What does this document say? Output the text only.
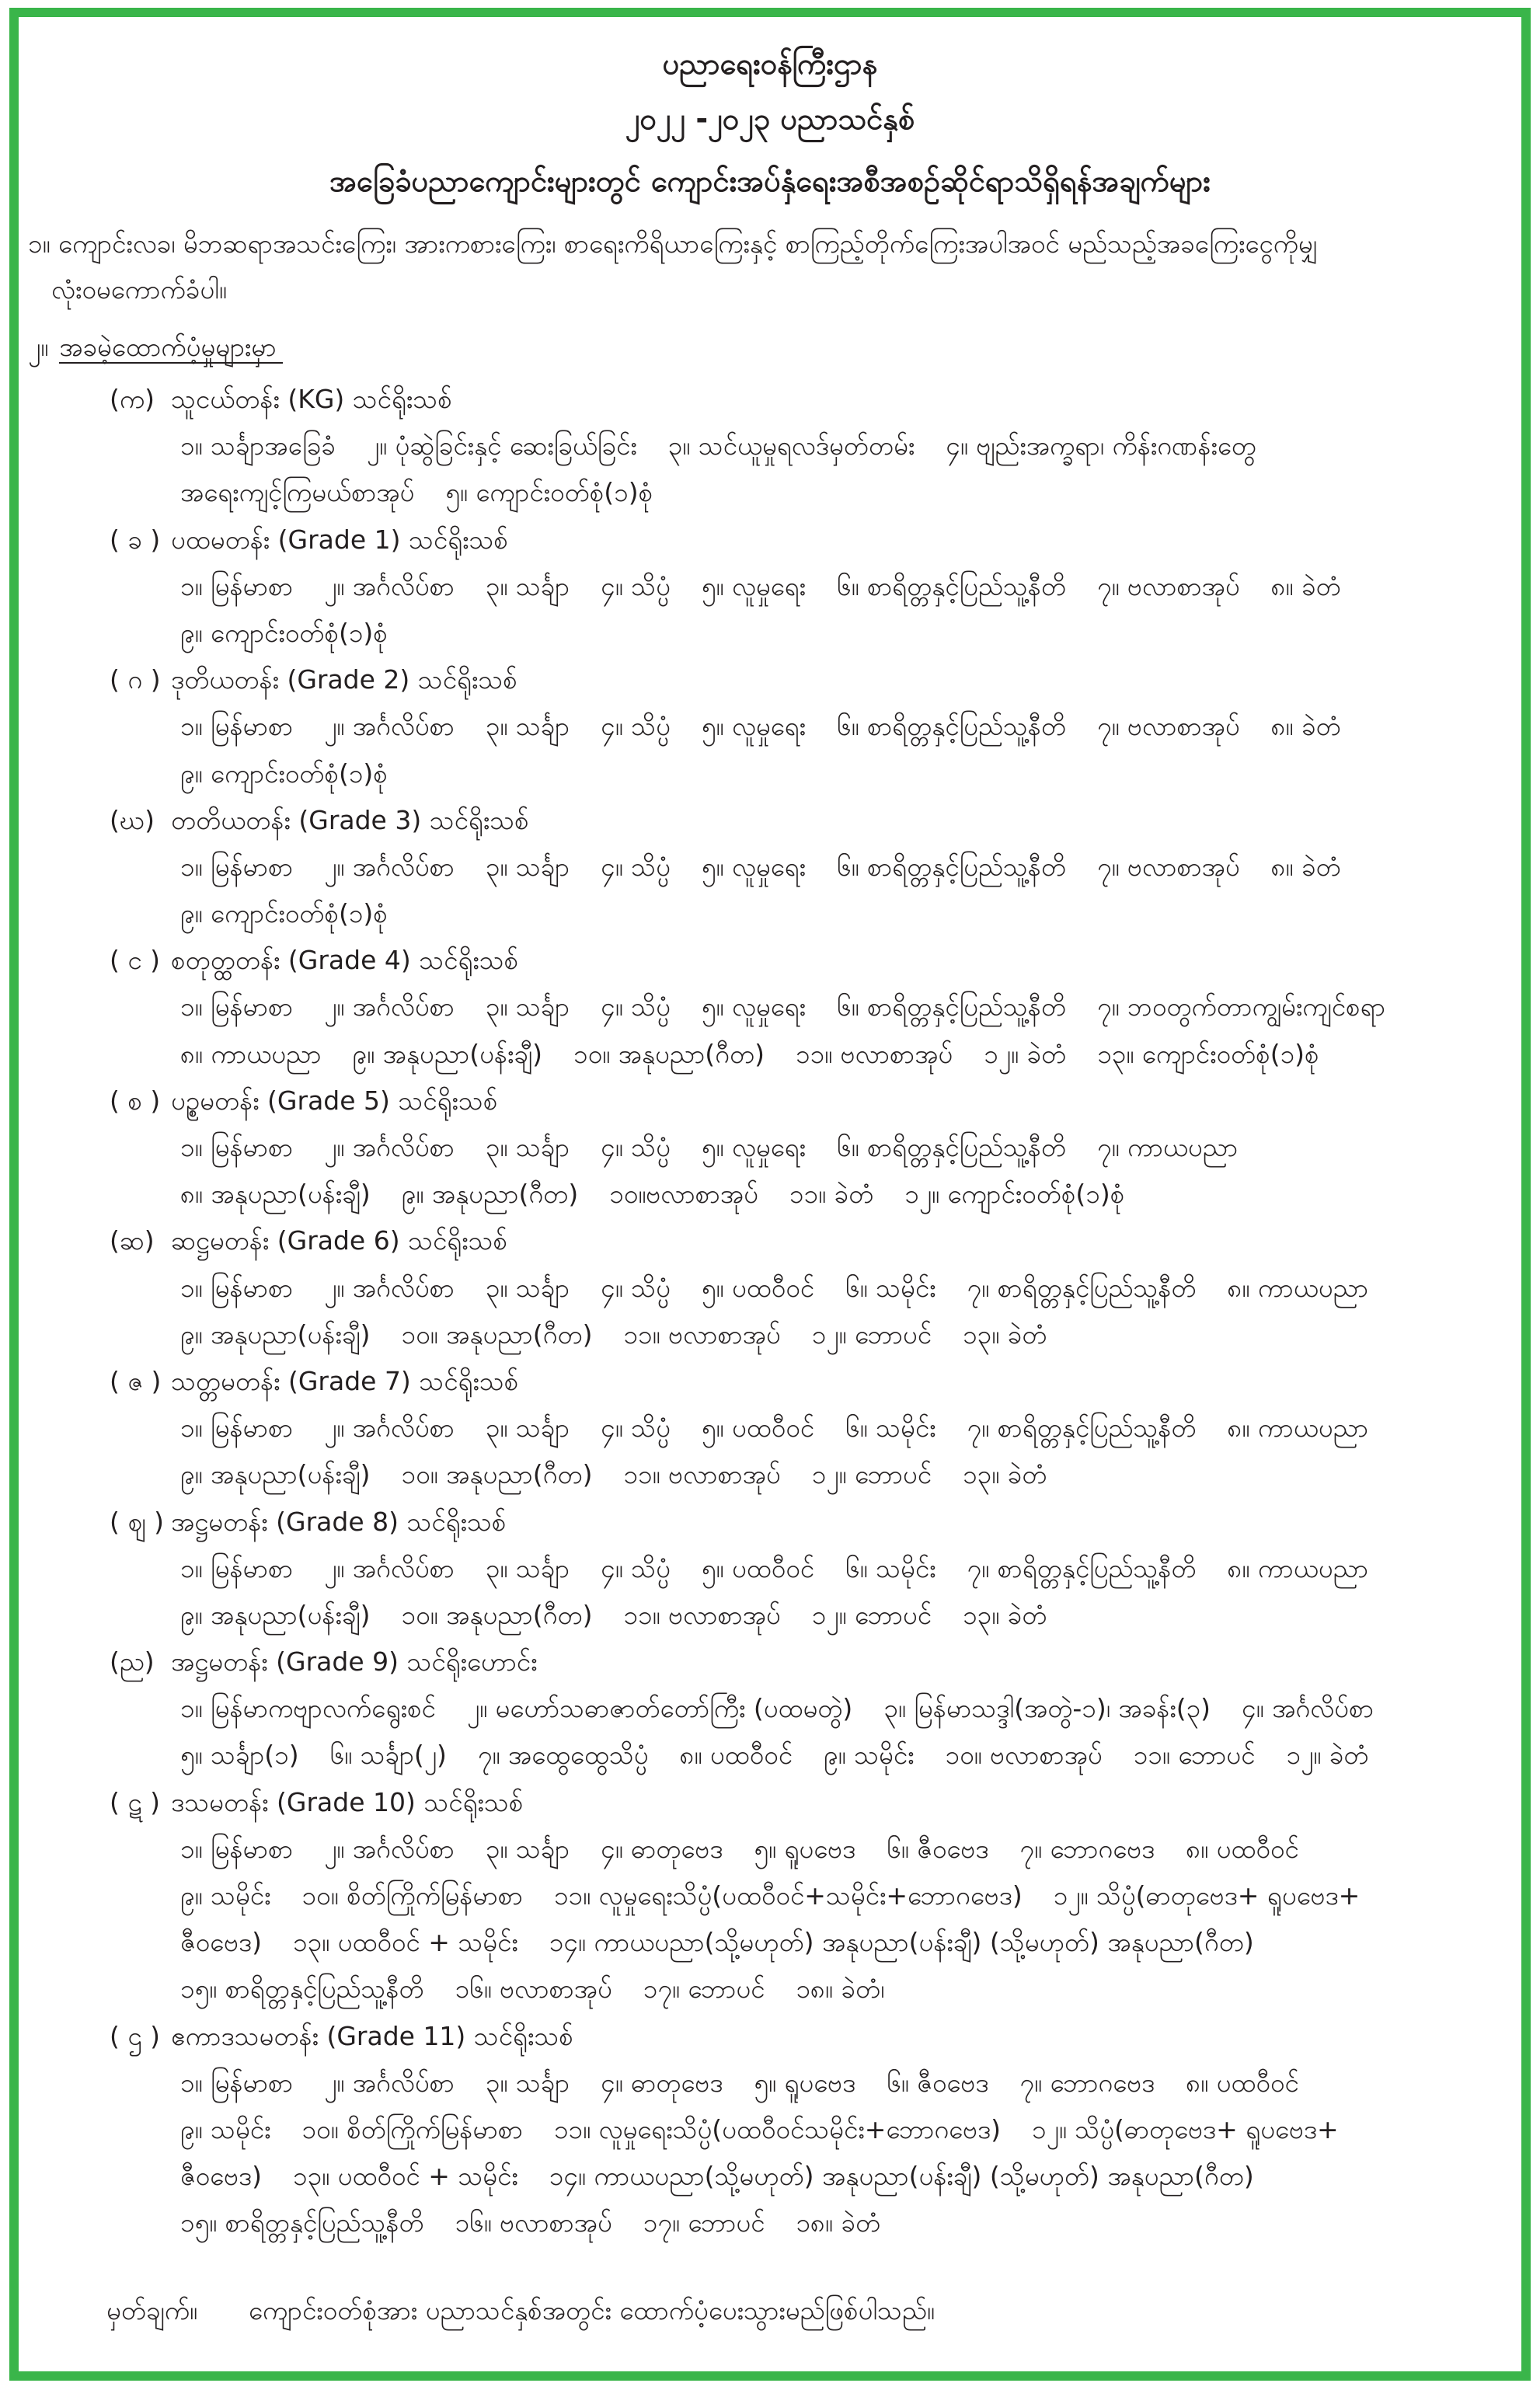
ပညာရေးဝန်ကြီးဌာန
၂၀၂၂ -၂၀၂၃ ပညာသင်နှစ်
အခြေခံပညာကျောင်းများတွင် ကျောင်းအပ်နှံရေးအစီအစဉ်ဆိုင်ရာသိရှိရန်အချက်များ
၁။ ကျောင်းလခ၊ မိဘဆရာအသင်းကြေး၊ အားကစားကြေး၊ စာရေးကိရိယာကြေးနှင့် စာကြည့်တိုက်ကြေးအပါအဝင် မည်သည့်အခကြေးငွေကိုမျှ
လုံးဝမကောက်ခံပါ။
၂။ အခမဲ့ထောက်ပံ့မှုများမှာ
(က) သူငယ်တန်း (KG) သင်ရိုးသစ်
၁။ သင်္ချာအခြေခံ ၂။ ပုံဆွဲခြင်းနှင့် ဆေးခြယ်ခြင်း ၃။ သင်ယူမှုရလဒ်မှတ်တမ်း ၄။ ဗျည်းအက္ခရာ၊ ကိန်းဂဏန်းတွေ
အရေးကျင့်ကြမယ်စာအုပ် ၅။ ကျောင်းဝတ်စုံ(၁)စုံ
( ခ ) ပထမတန်း (Grade 1) သင်ရိုးသစ်
၁။ မြန်မာစာ ၂။ အင်္ဂလိပ်စာ ၃။ သင်္ချာ ၄။ သိပ္ပံ ၅။ လူမှုရေး ၆။ စာရိတ္တနှင့်ပြည်သူ့နီတိ ၇။ ဗလာစာအုပ် ၈။ ခဲတံ
၉။ ကျောင်းဝတ်စုံ(၁)စုံ
( ဂ ) ဒုတိယတန်း (Grade 2) သင်ရိုးသစ်
၁။ မြန်မာစာ ၂။ အင်္ဂလိပ်စာ ၃။ သင်္ချာ ၄။ သိပ္ပံ ၅။ လူမှုရေး ၆။ စာရိတ္တနှင့်ပြည်သူ့နီတိ ၇။ ဗလာစာအုပ် ၈။ ခဲတံ
၉။ ကျောင်းဝတ်စုံ(၁)စုံ
(ဃ) တတိယတန်း (Grade 3) သင်ရိုးသစ်
၁။ မြန်မာစာ ၂။ အင်္ဂလိပ်စာ ၃။ သင်္ချာ ၄။ သိပ္ပံ ၅။ လူမှုရေး ၆။ စာရိတ္တနှင့်ပြည်သူ့နီတိ ၇။ ဗလာစာအုပ် ၈။ ခဲတံ
၉။ ကျောင်းဝတ်စုံ(၁)စုံ
( င ) စတုတ္ထတန်း (Grade 4) သင်ရိုးသစ်
၁။ မြန်မာစာ ၂။ အင်္ဂလိပ်စာ ၃။ သင်္ချာ ၄။ သိပ္ပံ ၅။ လူမှုရေး ၆။ စာရိတ္တနှင့်ပြည်သူ့နီတိ ၇။ ဘဝတွက်တာကျွမ်းကျင်စရာ
၈။ ကာယပညာ ၉။ အနုပညာ(ပန်းချီ) ၁၀။ အနုပညာ(ဂီတ) ၁၁။ ဗလာစာအုပ် ၁၂။ ခဲတံ ၁၃။ ကျောင်းဝတ်စုံ(၁)စုံ
( စ ) ပဉ္စမတန်း (Grade 5) သင်ရိုးသစ်
၁။ မြန်မာစာ ၂။ အင်္ဂလိပ်စာ ၃။ သင်္ချာ ၄။ သိပ္ပံ ၅။ လူမှုရေး ၆။ စာရိတ္တနှင့်ပြည်သူ့နီတိ ၇။ ကာယပညာ
၈။ အနုပညာ(ပန်းချီ) ၉။ အနုပညာ(ဂီတ) ၁၀။ဗလာစာအုပ် ၁၁။ ခဲတံ ၁၂။ ကျောင်းဝတ်စုံ(၁)စုံ
(ဆ) ဆဋ္ဌမတန်း (Grade 6) သင်ရိုးသစ်
၁။ မြန်မာစာ ၂။ အင်္ဂလိပ်စာ ၃။ သင်္ချာ ၄။ သိပ္ပံ ၅။ ပထဝီဝင် ၆။ သမိုင်း ၇။ စာရိတ္တနှင့်ပြည်သူ့နီတိ ၈။ ကာယပညာ
၉။ အနုပညာ(ပန်းချီ) ၁၀။ အနုပညာ(ဂီတ) ၁၁။ ဗလာစာအုပ် ၁၂။ ဘောပင် ၁၃။ ခဲတံ
( ဇ ) သတ္တမတန်း (Grade 7) သင်ရိုးသစ်
၁။ မြန်မာစာ ၂။ အင်္ဂလိပ်စာ ၃။ သင်္ချာ ၄။ သိပ္ပံ ၅။ ပထဝီဝင် ၆။ သမိုင်း ၇။ စာရိတ္တနှင့်ပြည်သူ့နီတိ ၈။ ကာယပညာ
၉။ အနုပညာ(ပန်းချီ) ၁၀။ အနုပညာ(ဂီတ) ၁၁။ ဗလာစာအုပ် ၁၂။ ဘောပင် ၁၃။ ခဲတံ
( ဈ ) အဋ္ဌမတန်း (Grade 8) သင်ရိုးသစ်
၁။ မြန်မာစာ ၂။ အင်္ဂလိပ်စာ ၃။ သင်္ချာ ၄။ သိပ္ပံ ၅။ ပထဝီဝင် ၆။ သမိုင်း ၇။ စာရိတ္တနှင့်ပြည်သူ့နီတိ ၈။ ကာယပညာ
၉။ အနုပညာ(ပန်းချီ) ၁၀။ အနုပညာ(ဂီတ) ၁၁။ ဗလာစာအုပ် ၁၂။ ဘောပင် ၁၃။ ခဲတံ
(ည) အဋ္ဌမတန်း (Grade 9) သင်ရိုးဟောင်း
၁။ မြန်မာကဗျာလက်ရွေးစင် ၂။ မဟော်သဓာဇာတ်တော်ကြီး (ပထမတွဲ) ၃။ မြန်မာသဒ္ဒါ(အတွဲ-၁)၊ အခန်း(၃) ၄။ အင်္ဂလိပ်စာ
၅။ သင်္ချာ(၁) ၆။ သင်္ချာ(၂) ၇။ အထွေထွေသိပ္ပံ ၈။ ပထဝီဝင် ၉။ သမိုင်း ၁၀။ ဗလာစာအုပ် ၁၁။ ဘောပင် ၁၂။ ခဲတံ
( ဋ ) ဒသမတန်း (Grade 10) သင်ရိုးသစ်
၁။ မြန်မာစာ ၂။ အင်္ဂလိပ်စာ ၃။ သင်္ချာ ၄။ ဓာတုဗေဒ ၅။ ရူပဗေဒ ၆။ ဇီဝဗေဒ ၇။ ဘောဂဗေဒ ၈။ ပထဝီဝင်
၉။ သမိုင်း ၁၀။ စိတ်ကြိုက်မြန်မာစာ ၁၁။ လူမှုရေးသိပ္ပံ(ပထဝီဝင်+သမိုင်း+ဘောဂဗေဒ) ၁၂။ သိပ္ပံ(ဓာတုဗေဒ+ ရူပဗေဒ+
ဇီဝဗေဒ) ၁၃။ ပထဝီဝင် + သမိုင်း ၁၄။ ကာယပညာ(သို့မဟုတ်) အနုပညာ(ပန်းချီ) (သို့မဟုတ်) အနုပညာ(ဂီတ)
၁၅။ စာရိတ္တနှင့်ပြည်သူ့နီတိ ၁၆။ ဗလာစာအုပ် ၁၇။ ဘောပင် ၁၈။ ခဲတံ၊
( ဌ ) ဧကာဒသမတန်း (Grade 11) သင်ရိုးသစ်
၁။ မြန်မာစာ ၂။ အင်္ဂလိပ်စာ ၃။ သင်္ချာ ၄။ ဓာတုဗေဒ ၅။ ရူပဗေဒ ၆။ ဇီဝဗေဒ ၇။ ဘောဂဗေဒ ၈။ ပထဝီဝင်
၉။ သမိုင်း ၁၀။ စိတ်ကြိုက်မြန်မာစာ ၁၁။ လူမှုရေးသိပ္ပံ(ပထဝီဝင်သမိုင်း+ဘောဂဗေဒ) ၁၂။ သိပ္ပံ(ဓာတုဗေဒ+ ရူပဗေဒ+
ဇီဝဗေဒ) ၁၃။ ပထဝီဝင် + သမိုင်း ၁၄။ ကာယပညာ(သို့မဟုတ်) အနုပညာ(ပန်းချီ) (သို့မဟုတ်) အနုပညာ(ဂီတ)
၁၅။ စာရိတ္တနှင့်ပြည်သူ့နီတိ ၁၆။ ဗလာစာအုပ် ၁၇။ ဘောပင် ၁၈။ ခဲတံ
မှတ်ချက်။ ကျောင်းဝတ်စုံအား ပညာသင်နှစ်အတွင်း ထောက်ပံ့ပေးသွားမည်ဖြစ်ပါသည်။
